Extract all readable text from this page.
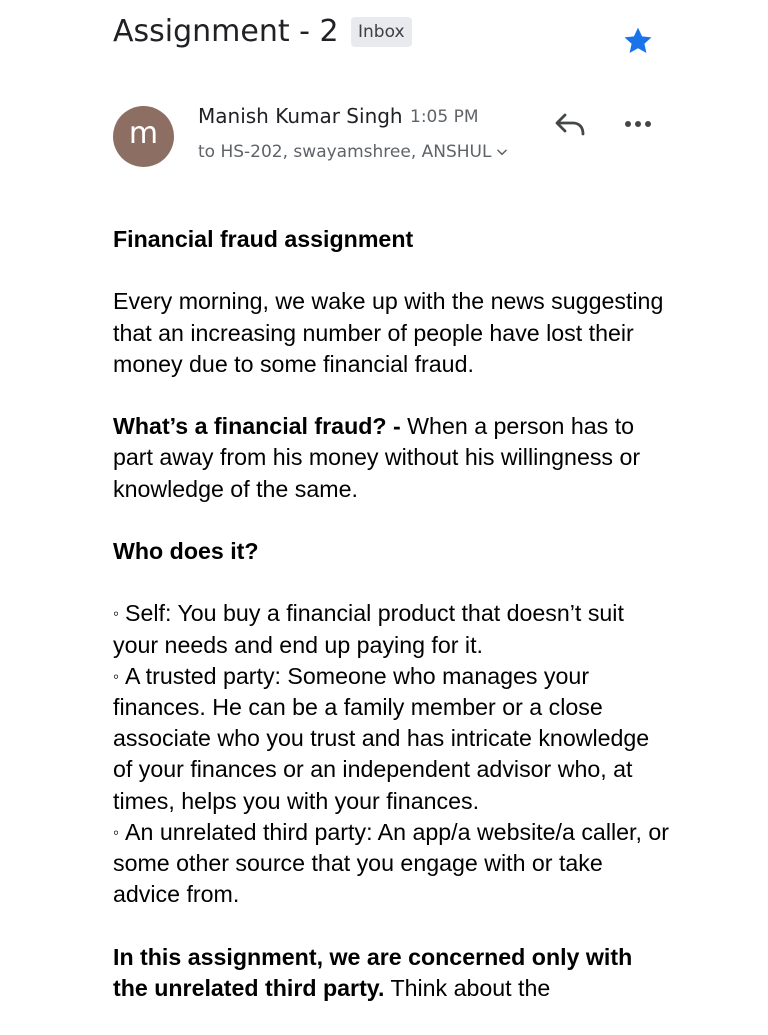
Assignment - 2	Inbox
m	Manish Kumar Singh 1:05 PM
to HS-202, swayamshree, ANSHUL

Financial fraud assignment

Every morning, we wake up with the news suggesting that an increasing number of people have lost their money due to some financial fraud.

What’s a financial fraud? - When a person has to part away from his money without his willingness or knowledge of the same.

Who does it?

◦ Self: You buy a financial product that doesn’t suit your needs and end up paying for it.
◦ A trusted party: Someone who manages your finances. He can be a family member or a close associate who you trust and has intricate knowledge of your finances or an independent advisor who, at times, helps you with your finances.
◦ An unrelated third party: An app/a website/a caller, or some other source that you engage with or take advice from.

In this assignment, we are concerned only with the unrelated third party. Think about the
